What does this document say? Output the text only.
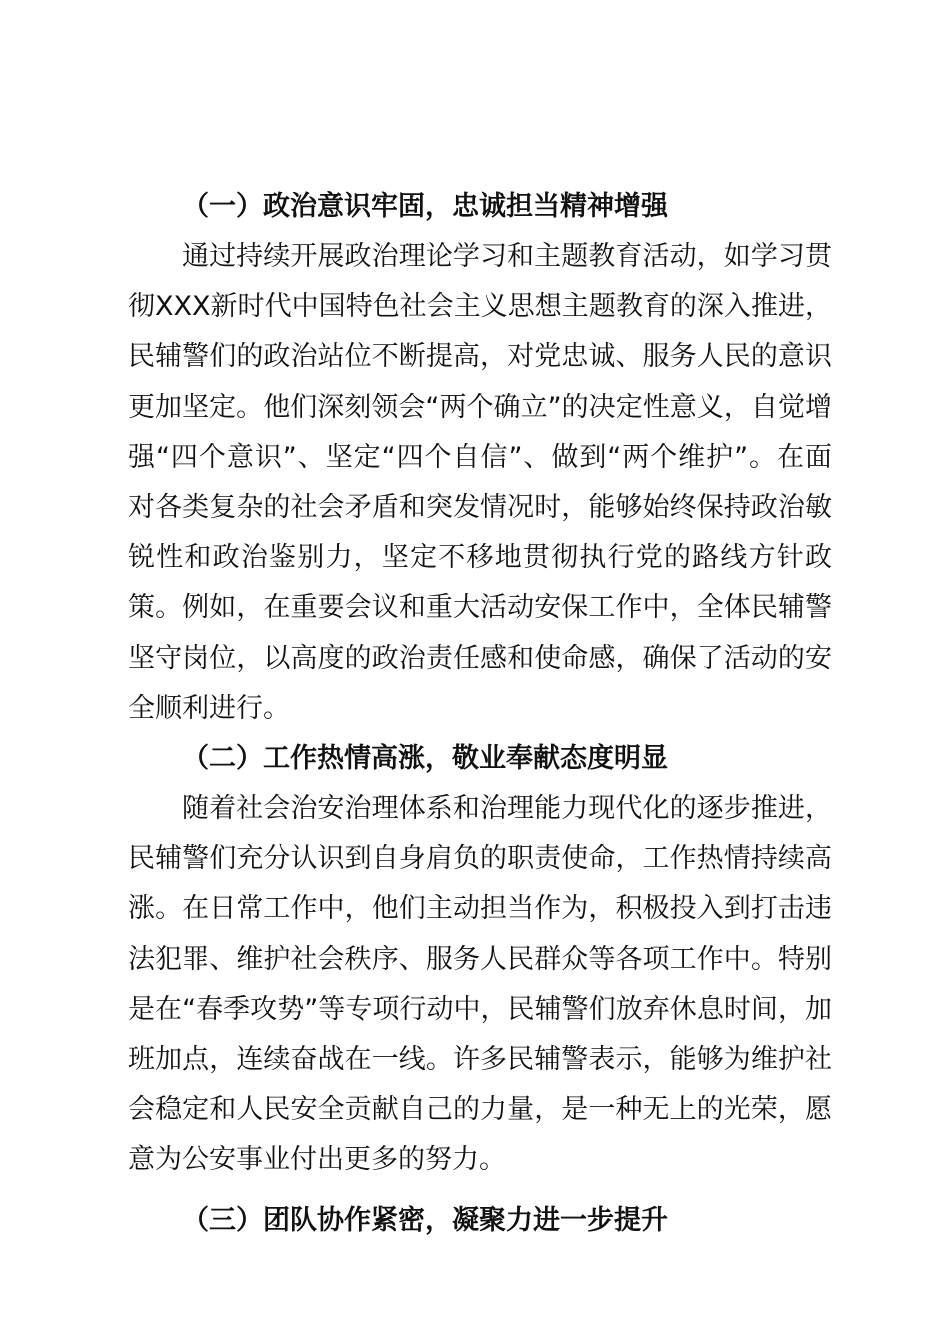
（一）政治意识牢固，忠诚担当精神增强

通过持续开展政治理论学习和主题教育活动，如学习贯彻XXX新时代中国特色社会主义思想主题教育的深入推进，民辅警们的政治站位不断提高，对党忠诚、服务人民的意识更加坚定。他们深刻领会“两个确立”的决定性意义，自觉增强“四个意识”、坚定“四个自信”、做到“两个维护”。在面对各类复杂的社会矛盾和突发情况时，能够始终保持政治敏锐性和政治鉴别力，坚定不移地贯彻执行党的路线方针政策。例如，在重要会议和重大活动安保工作中，全体民辅警坚守岗位，以高度的政治责任感和使命感，确保了活动的安全顺利进行。

（二）工作热情高涨，敬业奉献态度明显

随着社会治安治理体系和治理能力现代化的逐步推进，民辅警们充分认识到自身肩负的职责使命，工作热情持续高涨。在日常工作中，他们主动担当作为，积极投入到打击违法犯罪、维护社会秩序、服务人民群众等各项工作中。特别是在“春季攻势”等专项行动中，民辅警们放弃休息时间，加班加点，连续奋战在一线。许多民辅警表示，能够为维护社会稳定和人民安全贡献自己的力量，是一种无上的光荣，愿意为公安事业付出更多的努力。

（三）团队协作紧密，凝聚力进一步提升
